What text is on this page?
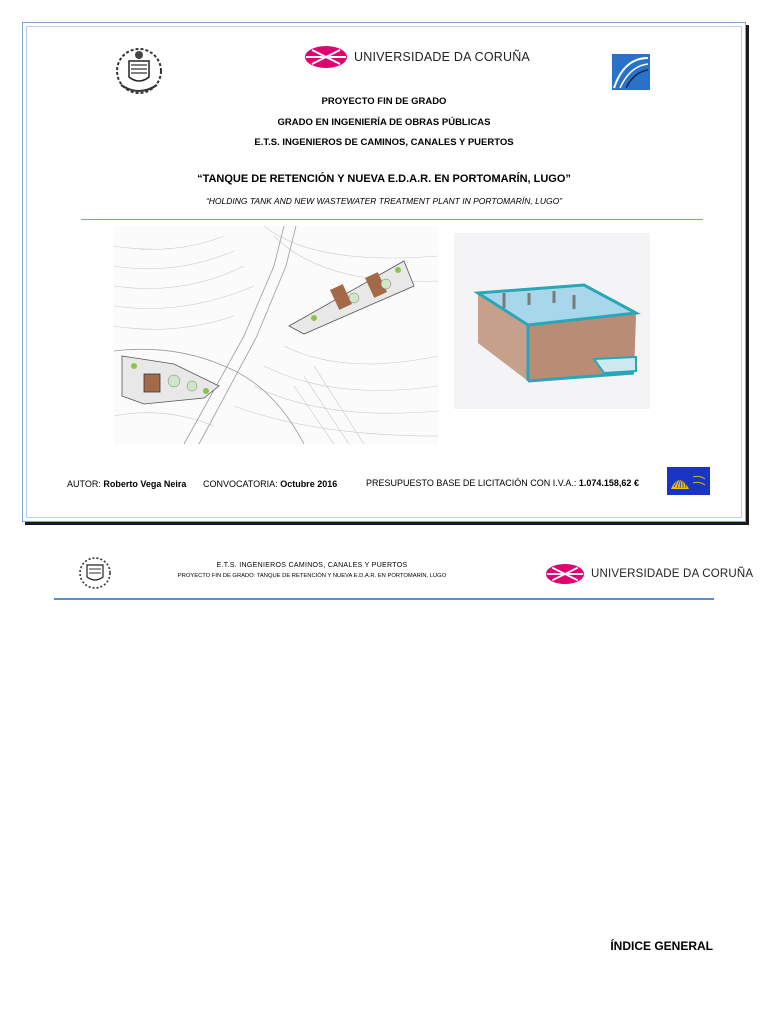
UNIVERSIDADE DA CORUÑA
PROYECTO FIN DE GRADO
GRADO EN INGENIERÍA DE OBRAS PÚBLICAS
E.T.S. INGENIEROS DE CAMINOS, CANALES Y PUERTOS
“TANQUE DE RETENCIÓN Y NUEVA E.D.A.R. EN PORTOMARÍN, LUGO”
“HOLDING TANK AND NEW WASTEWATER TREATMENT PLANT IN PORTOMARÍN, LUGO”
AUTOR: Roberto Vega Neira CONVOCATORIA: Octubre 2016	PRESUPUESTO BASE DE LICITACIÓN CON I.V.A.: 1.074.158,62 €
E.T.S. INGENIEROS CAMINOS, CANALES Y PUERTOS
PROYECTO FIN DE GRADO: TANQUE DE RETENCIÓN Y NUEVA E.D.A.R. EN PORTOMARÍN, LUGO	UNIVERSIDADE DA CORUÑA
ÍNDICE GENERAL
